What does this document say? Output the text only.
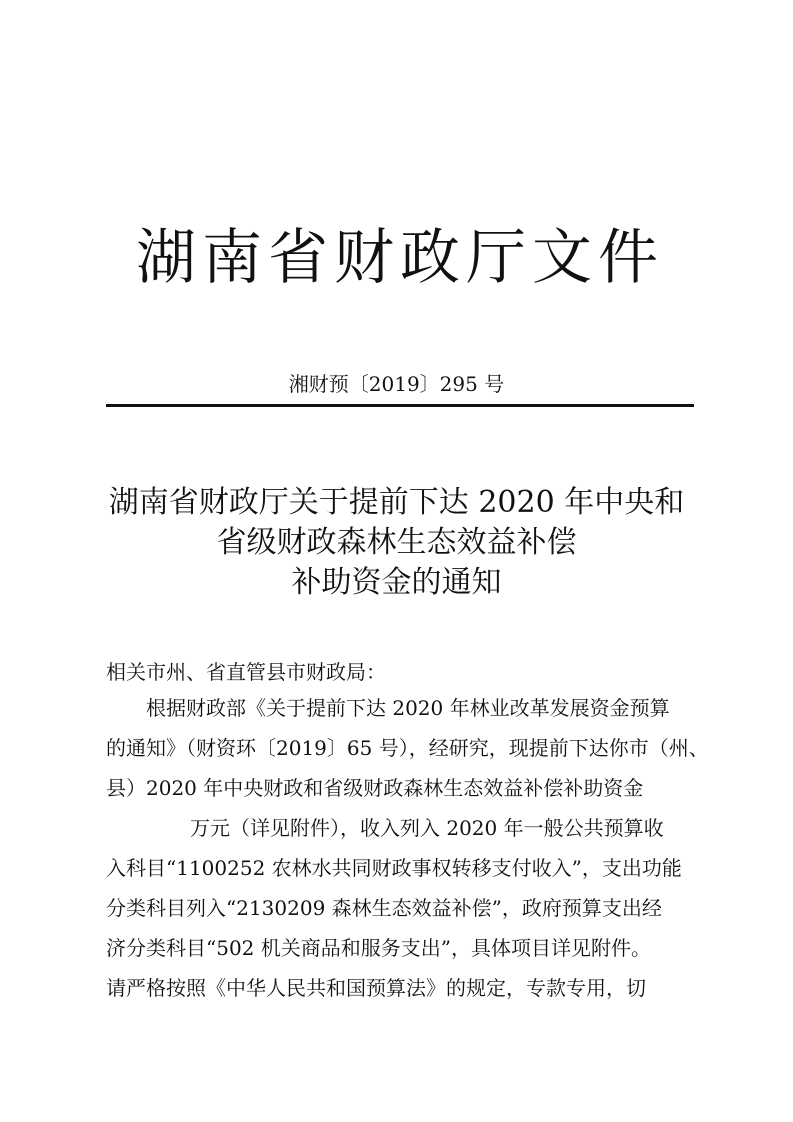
湖南省财政厅文件
湘财预〔2019〕295 号
湖南省财政厅关于提前下达 2020 年中央和
省级财政森林生态效益补偿
补助资金的通知
相关市州、省直管县市财政局：
根据财政部《关于提前下达 2020 年林业改革发展资金预算
的通知》（财资环〔2019〕65 号），经研究，现提前下达你市（州、
县）2020 年中央财政和省级财政森林生态效益补偿补助资金
万元（详见附件），收入列入 2020 年一般公共预算收
入科目“1100252 农林水共同财政事权转移支付收入”，支出功能
分类科目列入“2130209 森林生态效益补偿”，政府预算支出经
济分类科目“502 机关商品和服务支出”，具体项目详见附件。
请严格按照《中华人民共和国预算法》的规定，专款专用，切
